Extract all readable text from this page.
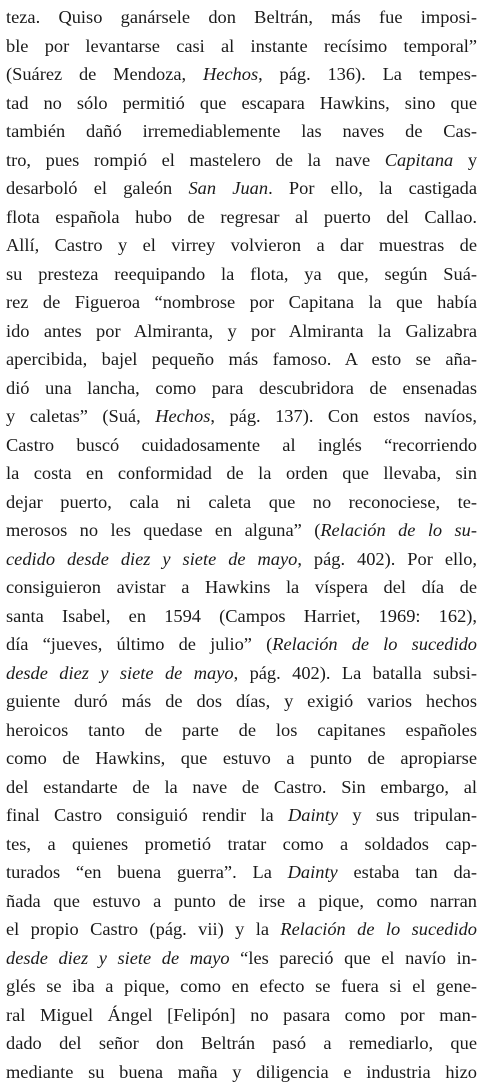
teza. Quiso ganársele don Beltrán, más fue imposi-
ble por levantarse casi al instante recísimo temporal”
(Suárez de Mendoza, Hechos, pág. 136). La tempes-
tad no sólo permitió que escapara Hawkins, sino que
también dañó irremediablemente las naves de Cas-
tro, pues rompió el mastelero de la nave Capitana y
desarboló el galeón San Juan. Por ello, la castigada
flota española hubo de regresar al puerto del Callao.
Allí, Castro y el virrey volvieron a dar muestras de
su presteza reequipando la flota, ya que, según Suá-
rez de Figueroa “nombrose por Capitana la que había
ido antes por Almiranta, y por Almiranta la Galizabra
apercibida, bajel pequeño más famoso. A esto se aña-
dió una lancha, como para descubridora de ensenadas
y caletas” (Suá, Hechos, pág. 137). Con estos navíos,
Castro buscó cuidadosamente al inglés “recorriendo
la costa en conformidad de la orden que llevaba, sin
dejar puerto, cala ni caleta que no reconociese, te-
merosos no les quedase en alguna” (Relación de lo su-
cedido desde diez y siete de mayo, pág. 402). Por ello,
consiguieron avistar a Hawkins la víspera del día de
santa Isabel, en 1594 (Campos Harriet, 1969: 162),
día “jueves, último de julio” (Relación de lo sucedido
desde diez y siete de mayo, pág. 402). La batalla subsi-
guiente duró más de dos días, y exigió varios hechos
heroicos tanto de parte de los capitanes españoles
como de Hawkins, que estuvo a punto de apropiarse
del estandarte de la nave de Castro. Sin embargo, al
final Castro consiguió rendir la Dainty y sus tripulan-
tes, a quienes prometió tratar como a soldados cap-
turados “en buena guerra”. La Dainty estaba tan da-
ñada que estuvo a punto de irse a pique, como narran
el propio Castro (pág. vii) y la Relación de lo sucedido
desde diez y siete de mayo “les pareció que el navío in-
glés se iba a pique, como en efecto se fuera si el gene-
ral Miguel Ángel [Felipón] no pasara como por man-
dado del señor don Beltrán pasó a remediarlo, que
mediante su buena maña y diligencia e industria hizo
